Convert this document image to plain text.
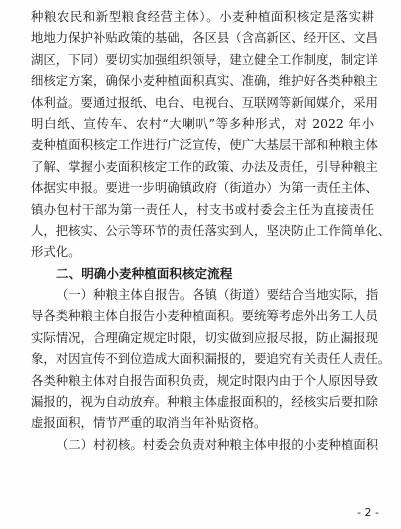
种粮农民和新型粮食经营主体）。小麦种植面积核定是落实耕
地地力保护补贴政策的基础，各区县（含高新区、经开区、文昌
湖区，下同）要切实加强组织领导，建立健全工作制度，制定详
细核定方案，确保小麦种植面积真实、准确，维护好各类种粮主
体利益。要通过报纸、电台、电视台、互联网等新闻媒介，采用
明白纸、宣传车、农村“大喇叭”等多种形式，对 2022 年小
麦种植面积核定工作进行广泛宣传，使广大基层干部和种粮主体
了解、掌握小麦面积核定工作的政策、办法及责任，引导种粮主
体据实申报。要进一步明确镇政府（街道办）为第一责任主体、
镇办包村干部为第一责任人，村支书或村委会主任为直接责任
人，把核实、公示等环节的责任落实到人，坚决防止工作简单化、
形式化。
二、明确小麦种植面积核定流程
（一）种粮主体自报告。各镇（街道）要结合当地实际，指
导各类种粮主体自报告小麦种植面积。要统筹考虑外出务工人员
实际情况，合理确定规定时限，切实做到应报尽报，防止漏报现
象，对因宣传不到位造成大面积漏报的，要追究有关责任人责任。
各类种粮主体对自报告面积负责，规定时限内由于个人原因导致
漏报的，视为自动放弃。种粮主体虚报面积的，经核实后要扣除
虚报面积，情节严重的取消当年补贴资格。
（二）村初核。村委会负责对种粮主体申报的小麦种植面积
- 2 -
